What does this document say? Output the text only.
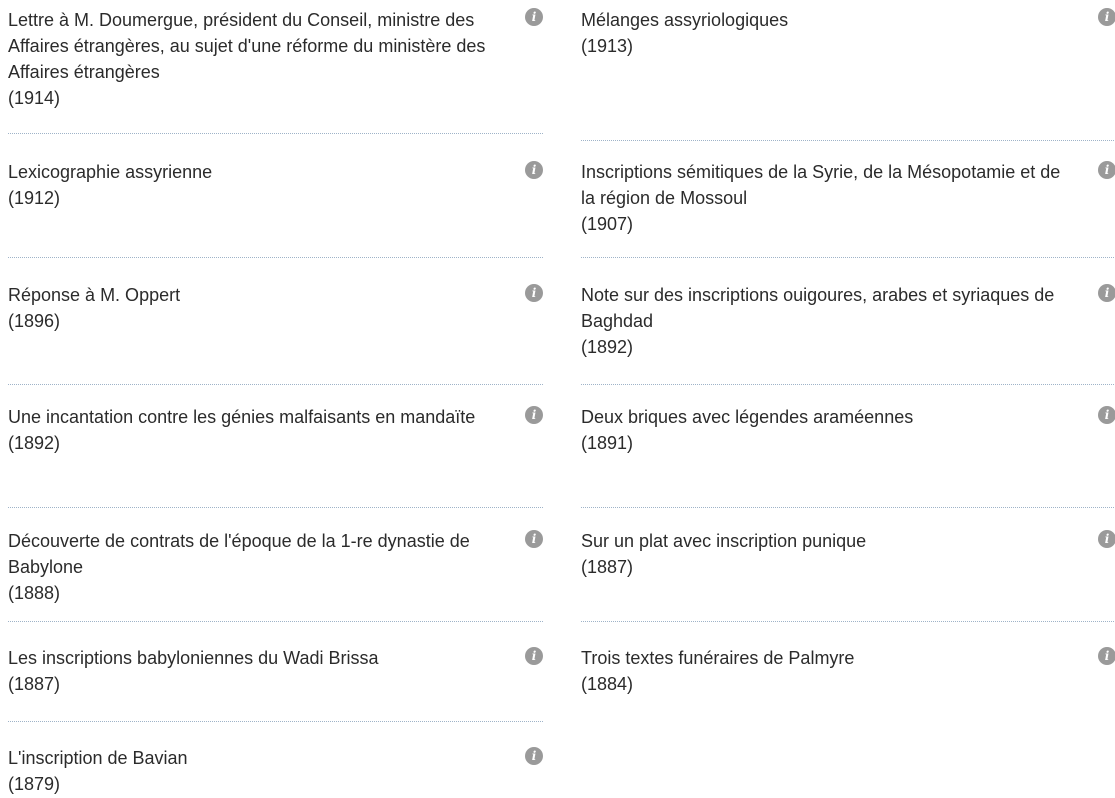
Lettre à M. Doumergue, président du Conseil, ministre des Affaires étrangères, au sujet d'une réforme du ministère des Affaires étrangères
(1914)
i
Lexicographie assyrienne
(1912)
i
Réponse à M. Oppert
(1896)
i
Une incantation contre les génies malfaisants en mandaïte
(1892)
i
Découverte de contrats de l'époque de la 1-re dynastie de Babylone
(1888)
i
Les inscriptions babyloniennes du Wadi Brissa
(1887)
i
L'inscription de Bavian
(1879)
i
Mélanges assyriologiques
(1913)
i
Inscriptions sémitiques de la Syrie, de la Mésopotamie et de la région de Mossoul
(1907)
i
Note sur des inscriptions ouigoures, arabes et syriaques de Baghdad
(1892)
i
Deux briques avec légendes araméennes
(1891)
i
Sur un plat avec inscription punique
(1887)
i
Trois textes funéraires de Palmyre
(1884)
i
